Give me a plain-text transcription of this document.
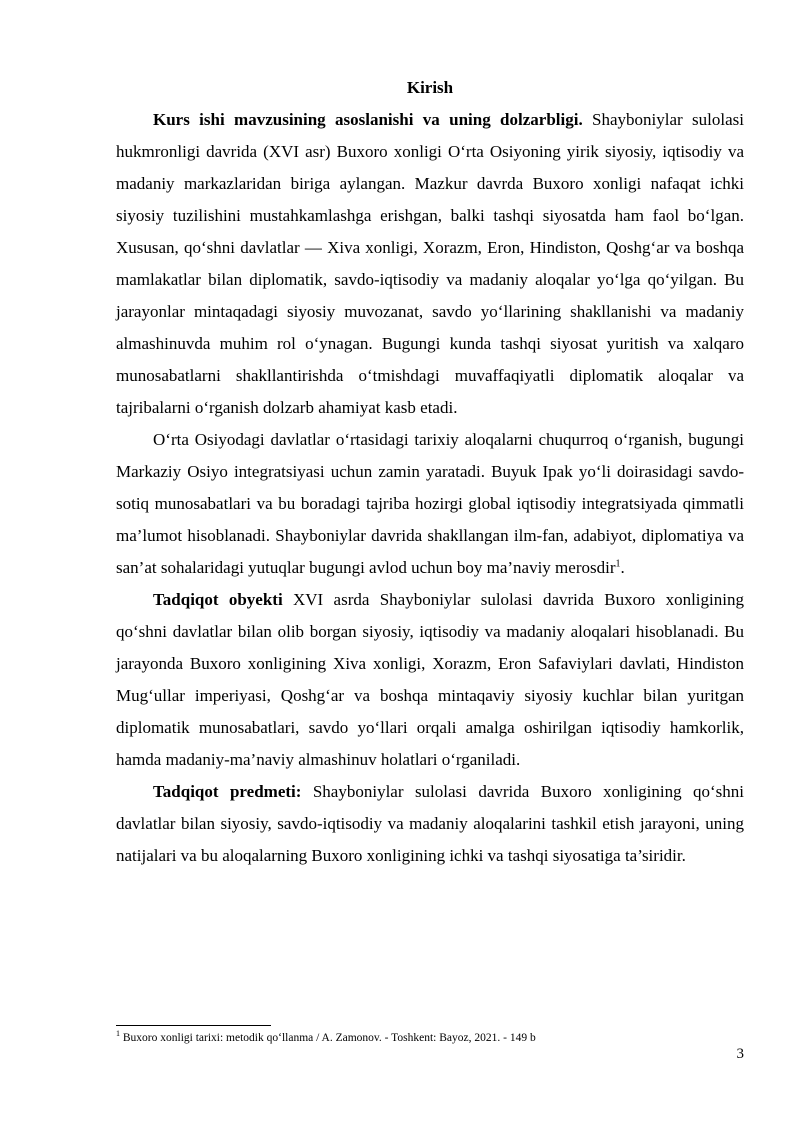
Kirish

Kurs ishi mavzusining asoslanishi va uning dolzarbligi. Shayboniylar sulolasi hukmronligi davrida (XVI asr) Buxoro xonligi O‘rta Osiyoning yirik siyosiy, iqtisodiy va madaniy markazlaridan biriga aylangan. Mazkur davrda Buxoro xonligi nafaqat ichki siyosiy tuzilishini mustahkamlashga erishgan, balki tashqi siyosatda ham faol bo‘lgan. Xususan, qo‘shni davlatlar — Xiva xonligi, Xorazm, Eron, Hindiston, Qoshg‘ar va boshqa mamlakatlar bilan diplomatik, savdo-iqtisodiy va madaniy aloqalar yo‘lga qo‘yilgan. Bu jarayonlar mintaqadagi siyosiy muvozanat, savdo yo‘llarining shakllanishi va madaniy almashinuvda muhim rol o‘ynagan. Bugungi kunda tashqi siyosat yuritish va xalqaro munosabatlarni shakllantirishda o‘tmishdagi muvaffaqiyatli diplomatik aloqalar va tajribalarni o‘rganish dolzarb ahamiyat kasb etadi.

O‘rta Osiyodagi davlatlar o‘rtasidagi tarixiy aloqalarni chuqurroq o‘rganish, bugungi Markaziy Osiyo integratsiyasi uchun zamin yaratadi. Buyuk Ipak yo‘li doirasidagi savdo-sotiq munosabatlari va bu boradagi tajriba hozirgi global iqtisodiy integratsiyada qimmatli ma’lumot hisoblanadi. Shayboniylar davrida shakllangan ilm-fan, adabiyot, diplomatiya va san’at sohalaridagi yutuqlar bugungi avlod uchun boy ma’naviy merosdir$^1$.

Tadqiqot obyekti XVI asrda Shayboniylar sulolasi davrida Buxoro xonligining qo‘shni davlatlar bilan olib borgan siyosiy, iqtisodiy va madaniy aloqalari hisoblanadi. Bu jarayonda Buxoro xonligining Xiva xonligi, Xorazm, Eron Safaviylari davlati, Hindiston Mug‘ullar imperiyasi, Qoshg‘ar va boshqa mintaqaviy siyosiy kuchlar bilan yuritgan diplomatik munosabatlari, savdo yo‘llari orqali amalga oshirilgan iqtisodiy hamkorlik, hamda madaniy-ma’naviy almashinuv holatlari o‘rganiladi.

Tadqiqot predmeti: Shayboniylar sulolasi davrida Buxoro xonligining qo‘shni davlatlar bilan siyosiy, savdo-iqtisodiy va madaniy aloqalarini tashkil etish jarayoni, uning natijalari va bu aloqalarning Buxoro xonligining ichki va tashqi siyosatiga ta’siridir.

$^1$ Buxoro xonligi tarixi: metodik qo‘llanma / A. Zamonov. - Toshkent: Bayoz, 2021. - 149 b
3
